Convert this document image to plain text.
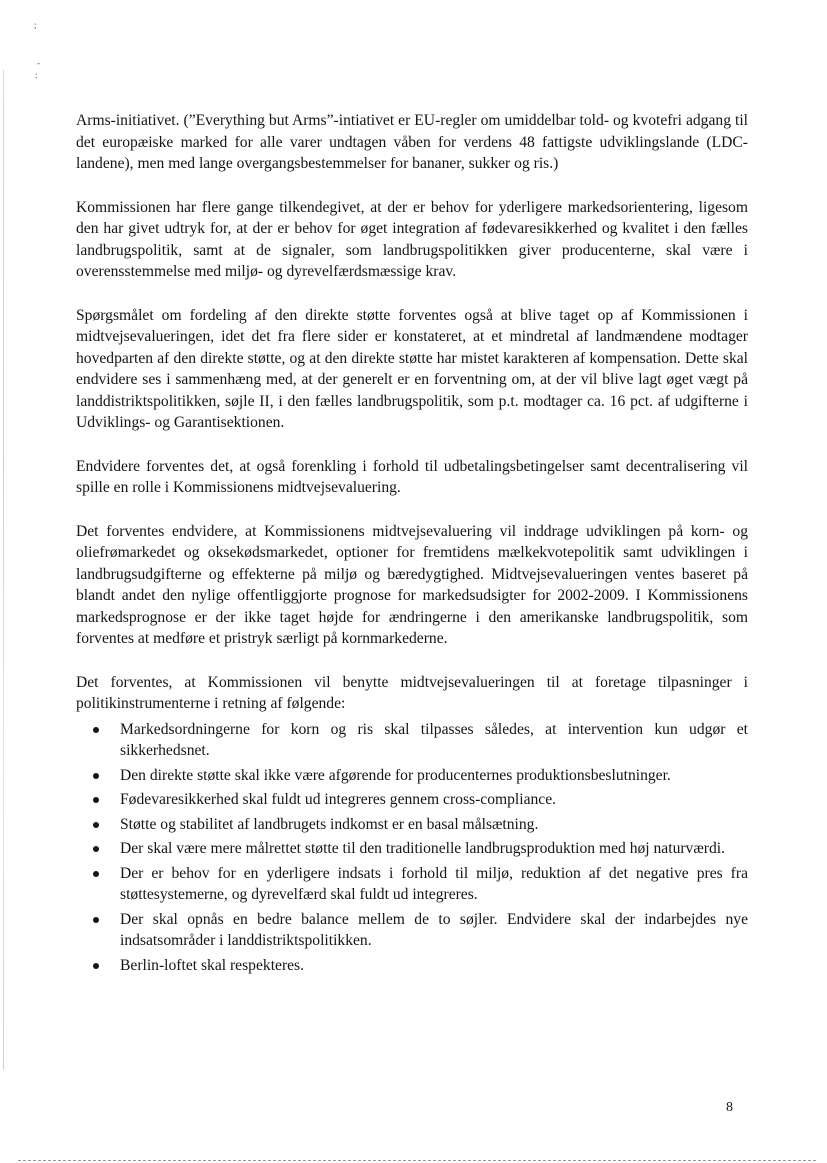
;
-
:

Arms-initiativet. (”Everything but Arms”-intiativet er EU-regler om umiddelbar told- og kvotefri adgang til det europæiske marked for alle varer undtagen våben for verdens 48 fattigste udviklingslande (LDC-landene), men med lange overgangsbestemmelser for bananer, sukker og ris.)

Kommissionen har flere gange tilkendegivet, at der er behov for yderligere markedsorientering, ligesom den har givet udtryk for, at der er behov for øget integration af fødevaresikkerhed og kvalitet i den fælles landbrugspolitik, samt at de signaler, som landbrugspolitikken giver producenterne, skal være i overensstemmelse med miljø- og dyrevelfærdsmæssige krav.

Spørgsmålet om fordeling af den direkte støtte forventes også at blive taget op af Kommissionen i midtvejsevalueringen, idet det fra flere sider er konstateret, at et mindretal af landmændene modtager hovedparten af den direkte støtte, og at den direkte støtte har mistet karakteren af kompensation. Dette skal endvidere ses i sammenhæng med, at der generelt er en forventning om, at der vil blive lagt øget vægt på landdistriktspolitikken, søjle II, i den fælles landbrugspolitik, som p.t. modtager ca. 16 pct. af udgifterne i Udviklings- og Garantisektionen.

Endvidere forventes det, at også forenkling i forhold til udbetalingsbetingelser samt decentralisering vil spille en rolle i Kommissionens midtvejsevaluering.

Det forventes endvidere, at Kommissionens midtvejsevaluering vil inddrage udviklingen på korn- og oliefrømarkedet og oksekødsmarkedet, optioner for fremtidens mælkekvotepolitik samt udviklingen i landbrugsudgifterne og effekterne på miljø og bæredygtighed. Midtvejsevalueringen ventes baseret på blandt andet den nylige offentliggjorte prognose for markedsudsigter for 2002-2009. I Kommissionens markedsprognose er der ikke taget højde for ændringerne i den amerikanske landbrugspolitik, som forventes at medføre et pristryk særligt på kornmarkederne.

Det forventes, at Kommissionen vil benytte midtvejsevalueringen til at foretage tilpasninger i politikinstrumenterne i retning af følgende:

Markedsordningerne for korn og ris skal tilpasses således, at intervention kun udgør et sikkerhedsnet.
Den direkte støtte skal ikke være afgørende for producenternes produktionsbeslutninger.
Fødevaresikkerhed skal fuldt ud integreres gennem cross-compliance.
Støtte og stabilitet af landbrugets indkomst er en basal målsætning.
Der skal være mere målrettet støtte til den traditionelle landbrugsproduktion med høj naturværdi.
Der er behov for en yderligere indsats i forhold til miljø, reduktion af det negative pres fra støttesystemerne, og dyrevelfærd skal fuldt ud integreres.
Der skal opnås en bedre balance mellem de to søjler. Endvidere skal der indarbejdes nye indsatsområder i landdistriktspolitikken.
Berlin-loftet skal respekteres.
8
